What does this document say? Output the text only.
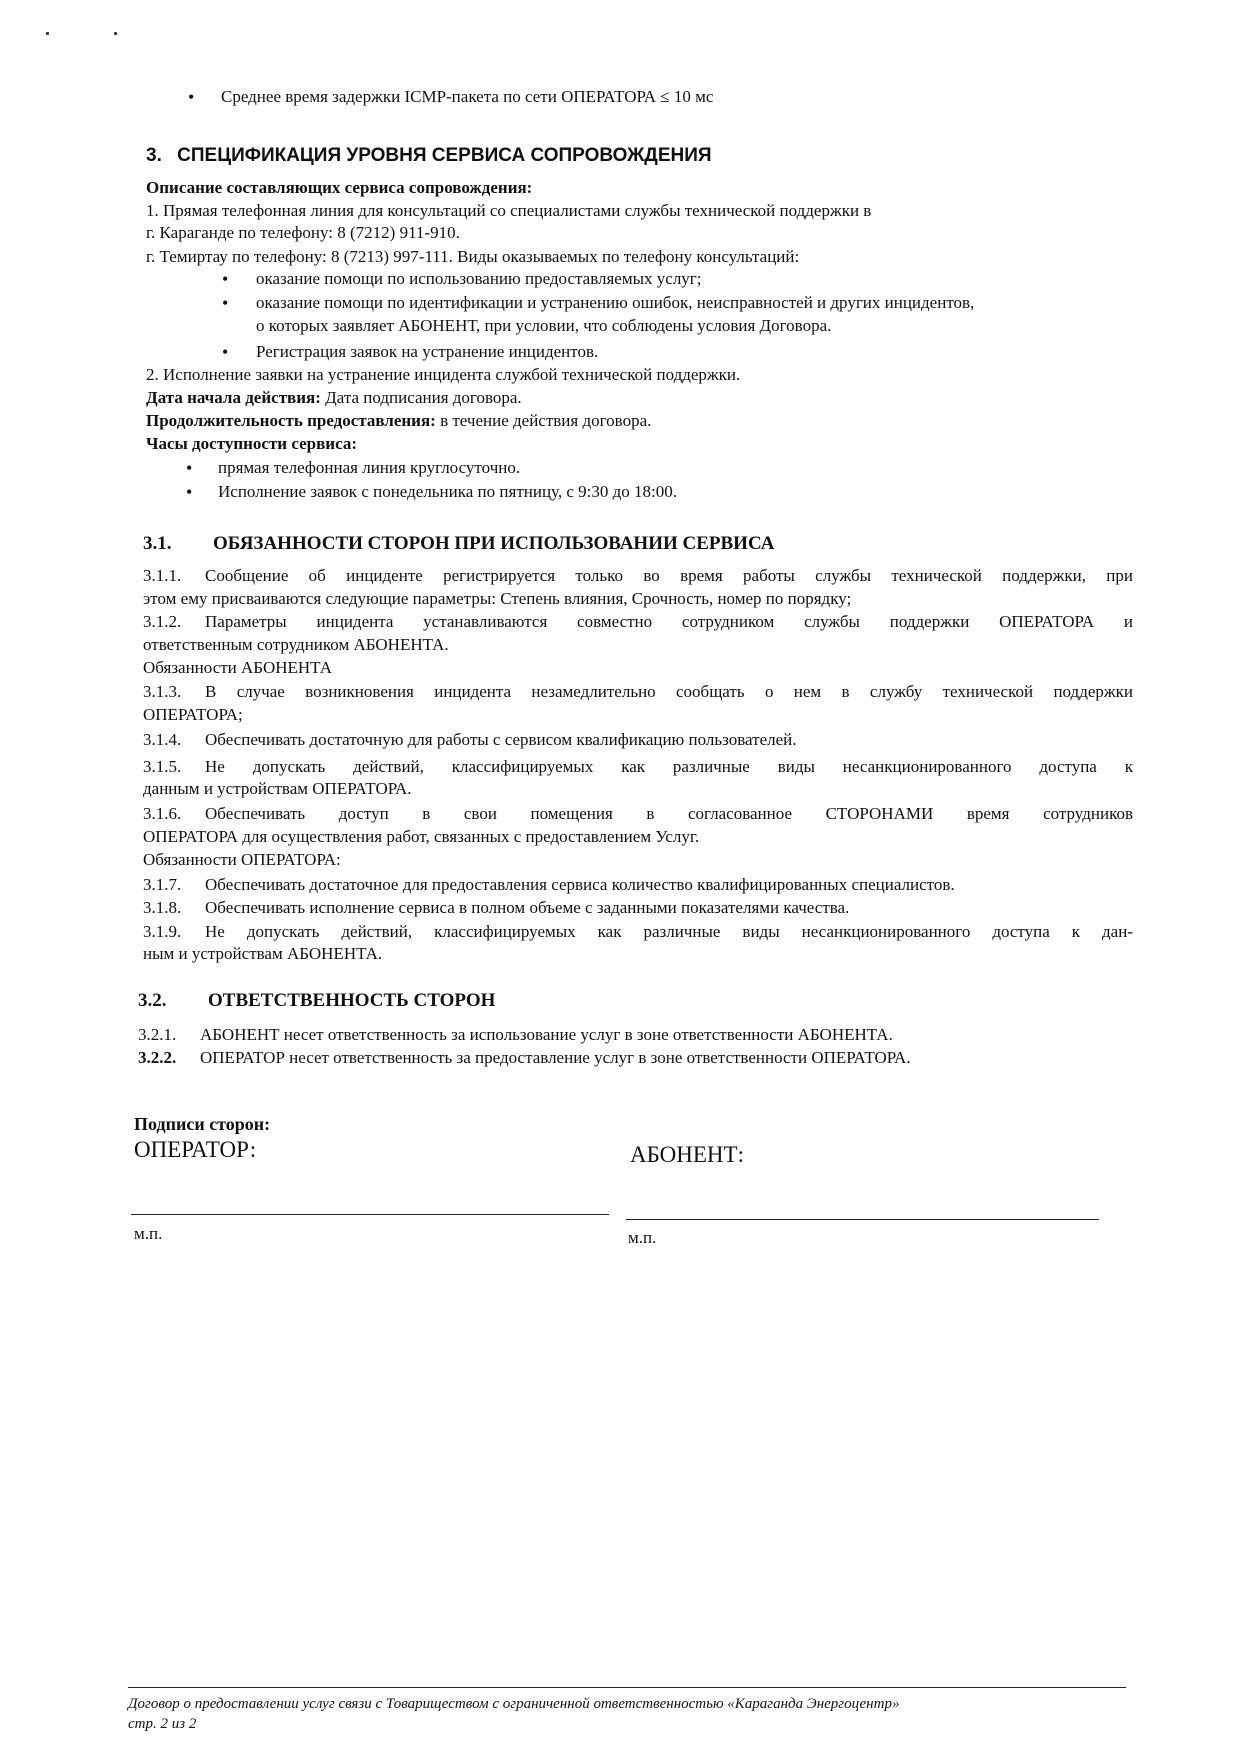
• Среднее время задержки ICMP-пакета по сети ОПЕРАТОРА ≤ 10 мс
3. СПЕЦИФИКАЦИЯ УРОВНЯ СЕРВИСА СОПРОВОЖДЕНИЯ
Описание составляющих сервиса сопровождения:
1. Прямая телефонная линия для консультаций со специалистами службы технической поддержки в
г. Караганде по телефону: 8 (7212) 911-910.
г. Темиртау по телефону: 8 (7213) 997-111. Виды оказываемых по телефону консультаций:
• оказание помощи по использованию предоставляемых услуг;
• оказание помощи по идентификации и устранению ошибок, неисправностей и других инцидентов,
о которых заявляет АБОНЕНТ, при условии, что соблюдены условия Договора.
• Регистрация заявок на устранение инцидентов.
2. Исполнение заявки на устранение инцидента службой технической поддержки.
Дата начала действия: Дата подписания договора.
Продолжительность предоставления: в течение действия договора.
Часы доступности сервиса:
• прямая телефонная линия круглосуточно.
• Исполнение заявок с понедельника по пятницу, с 9:30 до 18:00.
3.1. ОБЯЗАННОСТИ СТОРОН ПРИ ИСПОЛЬЗОВАНИИ СЕРВИСА
3.1.1. Сообщение об инциденте регистрируется только во время работы службы технической поддержки, при
этом ему присваиваются следующие параметры: Степень влияния, Срочность, номер по порядку;
3.1.2. Параметры инцидента устанавливаются совместно сотрудником службы поддержки ОПЕРАТОРА и
ответственным сотрудником АБОНЕНТА.
Обязанности АБОНЕНТА
3.1.3. В случае возникновения инцидента незамедлительно сообщать о нем в службу технической поддержки
ОПЕРАТОРА;
3.1.4. Обеспечивать достаточную для работы с сервисом квалификацию пользователей.
3.1.5. Не допускать действий, классифицируемых как различные виды несанкционированного доступа к
данным и устройствам ОПЕРАТОРА.
3.1.6. Обеспечивать доступ в свои помещения в согласованное СТОРОНАМИ время сотрудников
ОПЕРАТОРА для осуществления работ, связанных с предоставлением Услуг.
Обязанности ОПЕРАТОРА:
3.1.7. Обеспечивать достаточное для предоставления сервиса количество квалифицированных специалистов.
3.1.8. Обеспечивать исполнение сервиса в полном объеме с заданными показателями качества.
3.1.9. Не допускать действий, классифицируемых как различные виды несанкционированного доступа к дан-
ным и устройствам АБОНЕНТА.
3.2. ОТВЕТСТВЕННОСТЬ СТОРОН
3.2.1. АБОНЕНТ несет ответственность за использование услуг в зоне ответственности АБОНЕНТА.
3.2.2. ОПЕРАТОР несет ответственность за предоставление услуг в зоне ответственности ОПЕРАТОРА.
Подписи сторон:
ОПЕРАТОР:	АБОНЕНТ:
м.п.	м.п.
Договор о предоставлении услуг связи с Товариществом с ограниченной ответственностью «Караганда Энергоцентр»
стр. 2 из 2
